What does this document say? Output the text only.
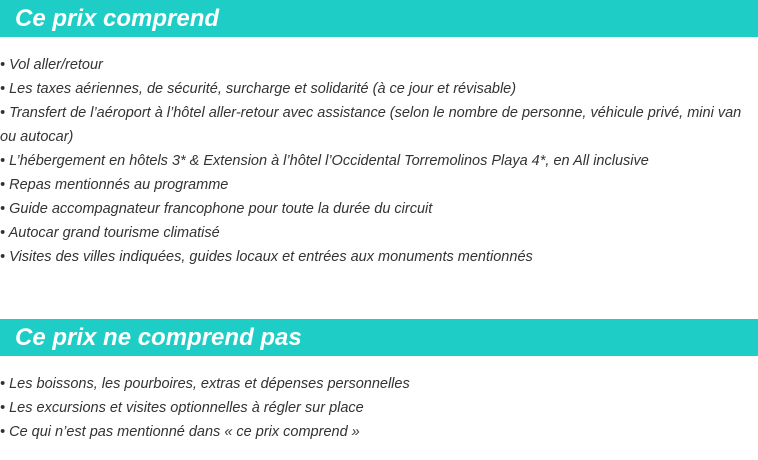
Ce prix comprend
• Vol aller/retour
• Les taxes aériennes, de sécurité, surcharge et solidarité (à ce jour et révisable)
• Transfert de l’aéroport à l’hôtel aller-retour avec assistance (selon le nombre de personne, véhicule privé, mini van ou autocar)
• L’hébergement en hôtels 3* & Extension à l’hôtel l’Occidental Torremolinos Playa 4*, en All inclusive
• Repas mentionnés au programme
• Guide accompagnateur francophone pour toute la durée du circuit
• Autocar grand tourisme climatisé
• Visites des villes indiquées, guides locaux et entrées aux monuments mentionnés
Ce prix ne comprend pas
• Les boissons, les pourboires, extras et dépenses personnelles
• Les excursions et visites optionnelles à régler sur place
• Ce qui n’est pas mentionné dans « ce prix comprend »
